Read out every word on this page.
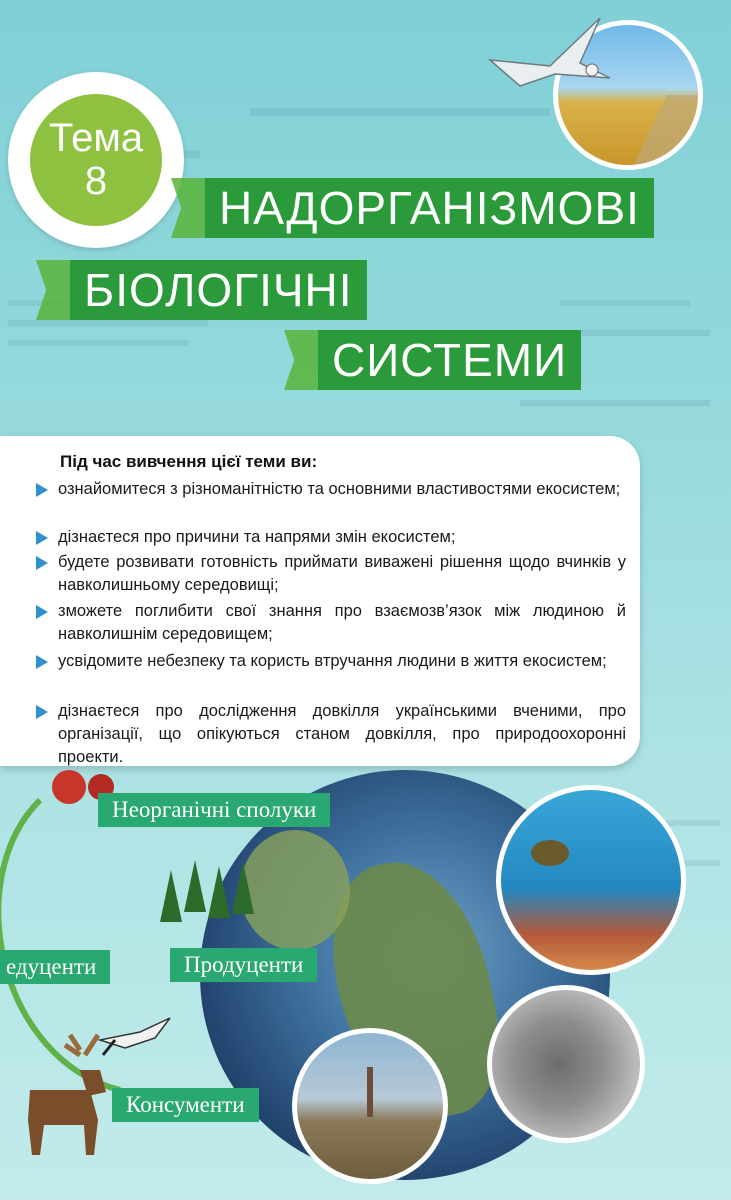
Тема
8
НАДОРГАНІЗМОВІ
БІОЛОГІЧНІ
СИСТЕМИ
Під час вивчення цієї теми ви:
ознайомитеся з різноманітністю та основними властивостями екосистем;
дізнаєтеся про причини та напрями змін екосистем;
будете розвивати готовність приймати виважені рішення щодо вчинків у навколишньому середовищі;
зможете поглибити свої знання про взаємозв’язок між людиною й навколишнім середовищем;
усвідомите небезпеку та користь втручання людини в життя екосистем;
дізнаєтеся про дослідження довкілля українськими вченими, про організації, що опікуються станом довкілля, про природоохоронні проекти.
Неорганічні сполуки
едуценти	Продуценти
Консументи
